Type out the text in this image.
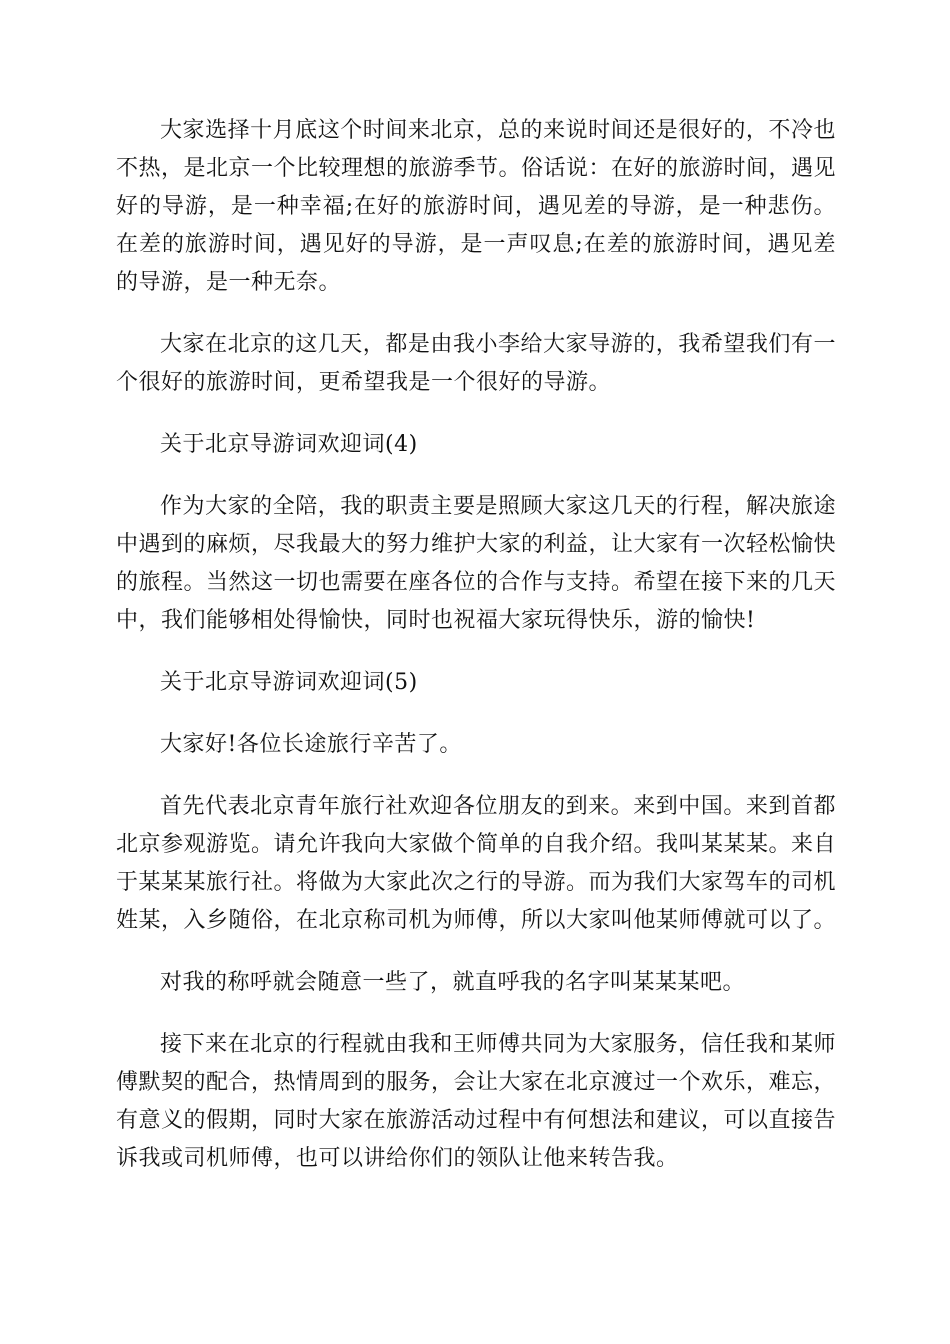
大家选择十月底这个时间来北京，总的来说时间还是很好的，不冷也不热，是北京一个比较理想的旅游季节。俗话说：在好的旅游时间，遇见好的导游，是一种幸福;在好的旅游时间，遇见差的导游，是一种悲伤。在差的旅游时间，遇见好的导游，是一声叹息;在差的旅游时间，遇见差的导游，是一种无奈。

大家在北京的这几天，都是由我小李给大家导游的，我希望我们有一个很好的旅游时间，更希望我是一个很好的导游。

关于北京导游词欢迎词(4)

作为大家的全陪，我的职责主要是照顾大家这几天的行程，解决旅途中遇到的麻烦，尽我最大的努力维护大家的利益，让大家有一次轻松愉快的旅程。当然这一切也需要在座各位的合作与支持。希望在接下来的几天中，我们能够相处得愉快，同时也祝福大家玩得快乐，游的愉快!

关于北京导游词欢迎词(5)

大家好!各位长途旅行辛苦了。

首先代表北京青年旅行社欢迎各位朋友的到来。来到中国。来到首都北京参观游览。请允许我向大家做个简单的自我介绍。我叫某某某。来自于某某某旅行社。将做为大家此次之行的导游。而为我们大家驾车的司机姓某，入乡随俗，在北京称司机为师傅，所以大家叫他某师傅就可以了。

对我的称呼就会随意一些了，就直呼我的名字叫某某某吧。

接下来在北京的行程就由我和王师傅共同为大家服务，信任我和某师傅默契的配合，热情周到的服务，会让大家在北京渡过一个欢乐，难忘，有意义的假期，同时大家在旅游活动过程中有何想法和建议，可以直接告诉我或司机师傅，也可以讲给你们的领队让他来转告我。
